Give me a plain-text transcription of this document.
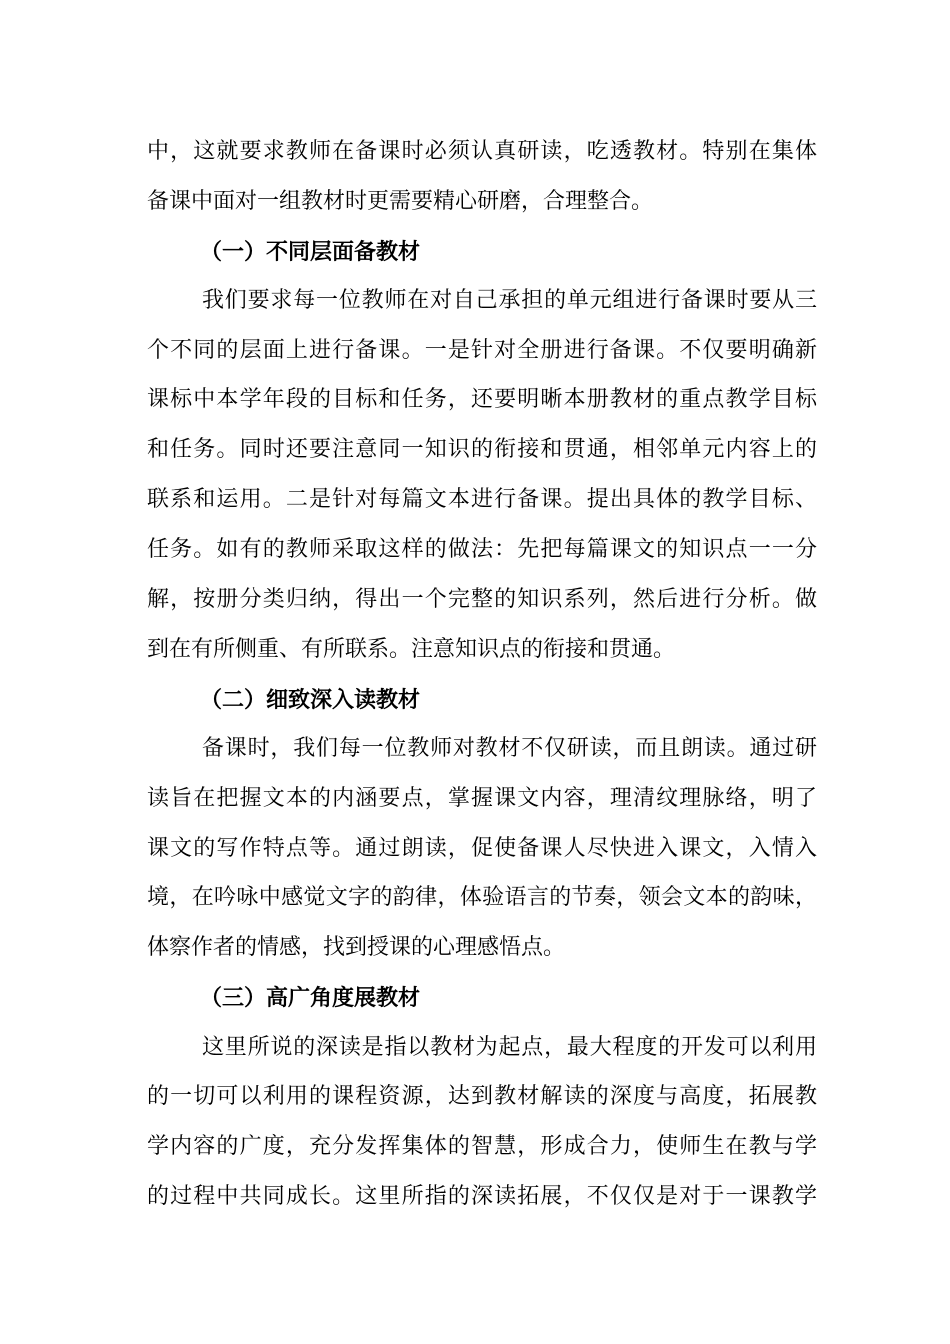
中，这就要求教师在备课时必须认真研读，吃透教材。特别在集体
备课中面对一组教材时更需要精心研磨，合理整合。
（一）不同层面备教材
我们要求每一位教师在对自己承担的单元组进行备课时要从三
个不同的层面上进行备课。一是针对全册进行备课。不仅要明确新
课标中本学年段的目标和任务，还要明晰本册教材的重点教学目标
和任务。同时还要注意同一知识的衔接和贯通，相邻单元内容上的
联系和运用。二是针对每篇文本进行备课。提出具体的教学目标、
任务。如有的教师采取这样的做法：先把每篇课文的知识点一一分
解，按册分类归纳，得出一个完整的知识系列，然后进行分析。做
到在有所侧重、有所联系。注意知识点的衔接和贯通。
（二）细致深入读教材
备课时，我们每一位教师对教材不仅研读，而且朗读。通过研
读旨在把握文本的内涵要点，掌握课文内容，理清纹理脉络，明了
课文的写作特点等。通过朗读，促使备课人尽快进入课文，入情入
境，在吟咏中感觉文字的韵律，体验语言的节奏，领会文本的韵味，
体察作者的情感，找到授课的心理感悟点。
（三）高广角度展教材
这里所说的深读是指以教材为起点，最大程度的开发可以利用
的一切可以利用的课程资源，达到教材解读的深度与高度，拓展教
学内容的广度，充分发挥集体的智慧，形成合力，使师生在教与学
的过程中共同成长。这里所指的深读拓展，不仅仅是对于一课教学
